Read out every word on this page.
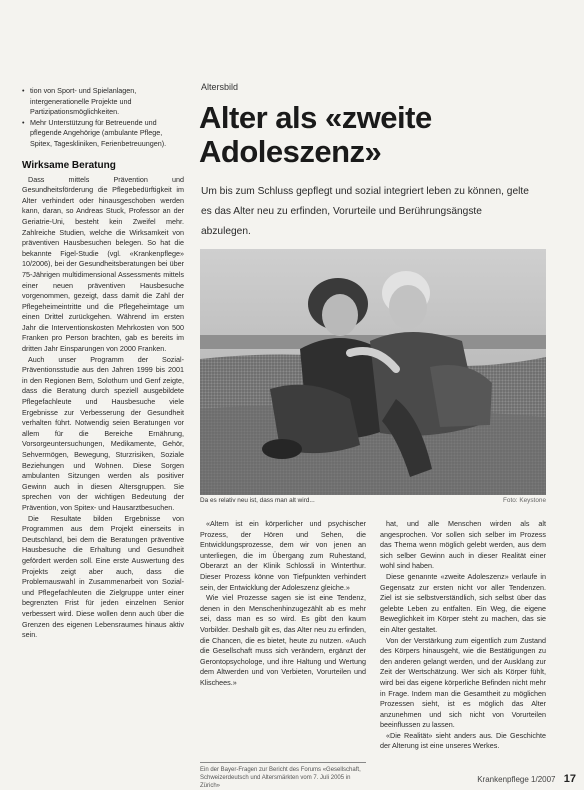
• tion von Sport- und Spielanlagen, intergenerationelle Projekte und Partizipationsmöglichkeiten.
• Mehr Unterstützung für Betreuende und pflegende Angehörige (ambulante Pflege, Spitex, Tageskliniken, Ferienbetreuungen).
Wirksame Beratung

Dass mittels Prävention und Gesundheitsförderung die Pflegebedürftigkeit im Alter verhindert oder hinausgeschoben werden kann, daran, so Andreas Stuck, Professor an der Geriatrie-Uni, besteht kein Zweifel mehr. Zahlreiche Studien, welche die Wirksamkeit von präventiven Hausbesuchen belegen. So hat die bekannte Figel-Studie (vgl. «Krankenpflege» 10/2006), bei der Gesundheitsberatungen bei über 75-Jährigen multidimensional Assessments mittels einer neuen präventiven Hausbesuche vorgenommen, gezeigt, dass damit die Zahl der Pflegeheimeintritte und die Pflegeheimtage um einen Drittel zurückgehen. Während im ersten Jahr die Interventionskosten Mehrkosten von 500 Franken pro Person brachten, gab es bereits im dritten Jahr Einsparungen von 2000 Franken.

Auch unser Programm der Sozial-Präventionsstudie aus den Jahren 1999 bis 2001 in den Regionen Bern, Solothurn und Genf zeigte, dass die Beratung durch speziell ausgebildete Pflegefachleute und Hausbesuche viele Ergebnisse zur Verbesserung der Gesundheit verhalten führt. Notwendig seien Beratungen vor allem für die Bereiche Ernährung, Vorsorgeuntersuchungen, Medikamente, Gehör, Sehvermögen, Bewegung, Sturzrisiken, Soziale Beziehungen und Wohnen. Diese Sorgen ambulanten Sitzungen werden als positiver Gewinn auch in diesen Altersgruppen. Sie sprechen von der wichtigen Bedeutung der Prävention, von Spitex- und Hausarztbesuchen.

Die Resultate bilden Ergebnisse von Programmen aus dem Projekt einerseits in Deutschland, bei dem die Beratungen präventive Hausbesuche die Erhaltung und Gesundheit gefördert werden soll. Eine erste Auswertung des Projekts zeigt aber auch, dass die Problemauswahl in Zusammenarbeit von Sozial- und Pflegefachleuten die Zielgruppe unter einer begrenzten Frist für jeden einzelnen Senior verbessert wird. Diese wollen denn auch über die Grenzen des eigenen Lebensraumes hinaus aktiv sein.

Altersbild
Alter als «zweite
Adoleszenz»
Um bis zum Schluss gepflegt und sozial integriert leben zu können, gelte es das Alter neu zu erfinden, Vorurteile und Berührungsängste abzulegen.
Da es relativ neu ist, dass man alt wird...	Foto: Keystone

«Altern ist ein körperlicher und psychischer Prozess, der Hören und Sehen, die Entwicklungsprozesse, dem wir von jenen an unterliegen, die im Übergang zum Ruhestand, Oberarzt an der Klinik Schlossli in Winterthur. Dieser Prozess könne von Tiefpunkten verhindert sein, der Entwicklung der Adoleszenz gleiche.»

Wie viel Prozesse sagen sie ist eine Tendenz, denen in den Menschenhinzugezählt ab es mehr sei, dass man es so wird. Es gibt den kaum Vorbilder. Deshalb gilt es, das Alter neu zu erfinden, die Chancen, die es bietet, heute zu nutzen. «Auch die Gesellschaft muss sich verändern, ergänzt der Gerontopsychologe, und ihre Haltung und Wertung dem Altwerden und von Verbieten, Vorurteilen und Klischees.»

Ein der Bayer-Fragen zur Bericht des Forums «Gesellschaft, Schweizerdeutsch und Altersmärkten vom 7. Juli 2005 in Zürich»

hat, und alle Menschen wirden als alt angesprochen. Vor sollen sich selber im Prozess das Thema wenn möglich gelebt werden, aus dem sich selber Gewinn auch in dieser Realität einer wohl sind haben.

Diese genannte «zweite Adoleszenz» verlaufe in Gegensatz zur ersten nicht vor aller Tendenzen. Ziel ist sie selbstverständlich, sich selbst über das gelebte Leben zu entfalten. Ein Weg, die eigene Beweglichkeit im Körper steht zu machen, das sie ein Alter gestaltet.

Von der Verstärkung zum eigentlich zum Zustand des Körpers hinausgeht, wie die Bestätigungen zu den anderen gelangt werden, und der Ausklang zur Zeit der Wertschätzung. Wer sich als Körper fühlt, wird bei das eigene körperliche Befinden nicht mehr in Frage. Indem man die Gesamtheit zu möglichen Prozessen sieht, ist es möglich das Alter anzunehmen und sich nicht von Vorurteilen beeinflussen zu lassen.

«Die Realität» sieht anders aus. Die Geschichte der Alterung ist eine unseres Werkes.

Krankenpflege 1/2007 17
